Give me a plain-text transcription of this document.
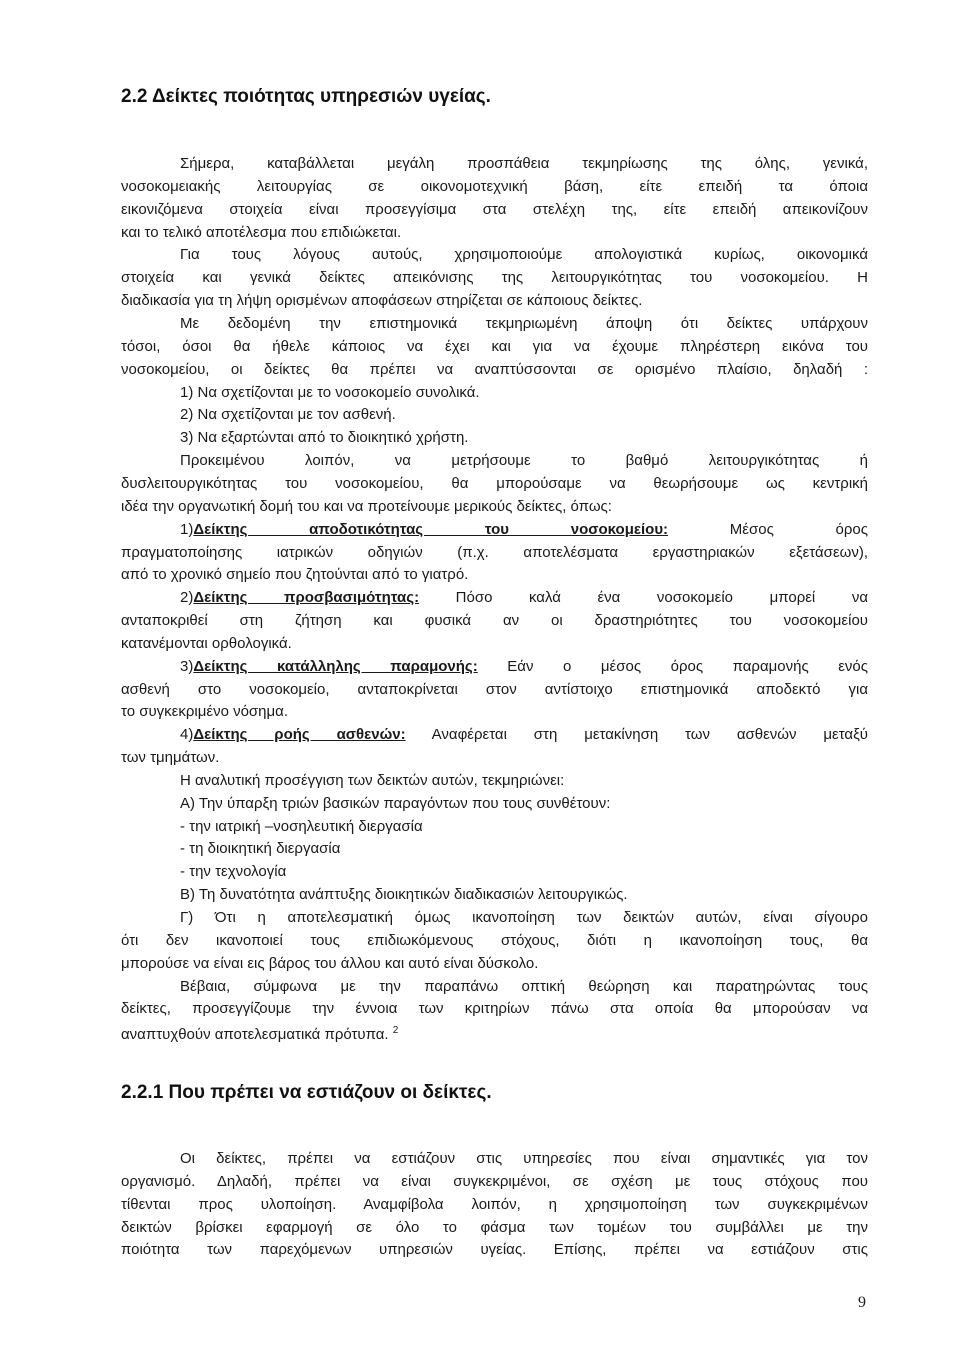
2.2 Δείκτες ποιότητας υπηρεσιών υγείας.
Σήμερα, καταβάλλεται μεγάλη προσπάθεια τεκμηρίωσης της όλης, γενικά,
νοσοκομειακής λειτουργίας σε οικονομοτεχνική βάση, είτε επειδή τα όποια
εικονιζόμενα στοιχεία είναι προσεγγίσιμα στα στελέχη της, είτε επειδή απεικονίζουν
και το τελικό αποτέλεσμα που επιδιώκεται.
Για τους λόγους αυτούς, χρησιμοποιούμε απολογιστικά κυρίως, οικονομικά
στοιχεία και γενικά δείκτες απεικόνισης της λειτουργικότητας του νοσοκομείου. Η
διαδικασία για τη λήψη ορισμένων αποφάσεων στηρίζεται σε κάποιους δείκτες.
Με δεδομένη την επιστημονικά τεκμηριωμένη άποψη ότι δείκτες υπάρχουν
τόσοι, όσοι θα ήθελε κάποιος να έχει και για να έχουμε πληρέστερη εικόνα του
νοσοκομείου, οι δείκτες θα πρέπει να αναπτύσσονται σε ορισμένο πλαίσιο, δηλαδή :
1) Να σχετίζονται με το νοσοκομείο συνολικά.
2) Να σχετίζονται με τον ασθενή.
3) Να εξαρτώνται από το διοικητικό χρήστη.
Προκειμένου λοιπόν, να μετρήσουμε το βαθμό λειτουργικότητας ή
δυσλειτουργικότητας του νοσοκομείου, θα μπορούσαμε να θεωρήσουμε ως κεντρική
ιδέα την οργανωτική δομή του και να προτείνουμε μερικούς δείκτες, όπως:
1)Δείκτης αποδοτικότητας του νοσοκομείου: Μέσος όρος
πραγματοποίησης ιατρικών οδηγιών (π.χ. αποτελέσματα εργαστηριακών εξετάσεων),
από το χρονικό σημείο που ζητούνται από το γιατρό.
2)Δείκτης προσβασιμότητας: Πόσο καλά ένα νοσοκομείο μπορεί να
ανταποκριθεί στη ζήτηση και φυσικά αν οι δραστηριότητες του νοσοκομείου
κατανέμονται ορθολογικά.
3)Δείκτης κατάλληλης παραμονής: Εάν ο μέσος όρος παραμονής ενός
ασθενή στο νοσοκομείο, ανταποκρίνεται στον αντίστοιχο επιστημονικά αποδεκτό για
το συγκεκριμένο νόσημα.
4)Δείκτης ροής ασθενών: Αναφέρεται στη μετακίνηση των ασθενών μεταξύ
των τμημάτων.
Η αναλυτική προσέγγιση των δεικτών αυτών, τεκμηριώνει:
Α) Την ύπαρξη τριών βασικών παραγόντων που τους συνθέτουν:
- την ιατρική –νοσηλευτική διεργασία
- τη διοικητική διεργασία
- την τεχνολογία
Β) Τη δυνατότητα ανάπτυξης διοικητικών διαδικασιών λειτουργικώς.
Γ) Ότι η αποτελεσματική όμως ικανοποίηση των δεικτών αυτών, είναι σίγουρο
ότι δεν ικανοποιεί τους επιδιωκόμενους στόχους, διότι η ικανοποίηση τους, θα
μπορούσε να είναι εις βάρος του άλλου και αυτό είναι δύσκολο.
Βέβαια, σύμφωνα με την παραπάνω οπτική θεώρηση και παρατηρώντας τους
δείκτες, προσεγγίζουμε την έννοια των κριτηρίων πάνω στα οποία θα μπορούσαν να
αναπτυχθούν αποτελεσματικά πρότυπα. $^2$
2.2.1 Που πρέπει να εστιάζουν οι δείκτες.
Οι δείκτες, πρέπει να εστιάζουν στις υπηρεσίες που είναι σημαντικές για τον
οργανισμό. Δηλαδή, πρέπει να είναι συγκεκριμένοι, σε σχέση με τους στόχους που
τίθενται προς υλοποίηση. Αναμφίβολα λοιπόν, η χρησιμοποίηση των συγκεκριμένων
δεικτών βρίσκει εφαρμογή σε όλο το φάσμα των τομέων του συμβάλλει με την
ποιότητα των παρεχόμενων υπηρεσιών υγείας. Επίσης, πρέπει να εστιάζουν στις
9
